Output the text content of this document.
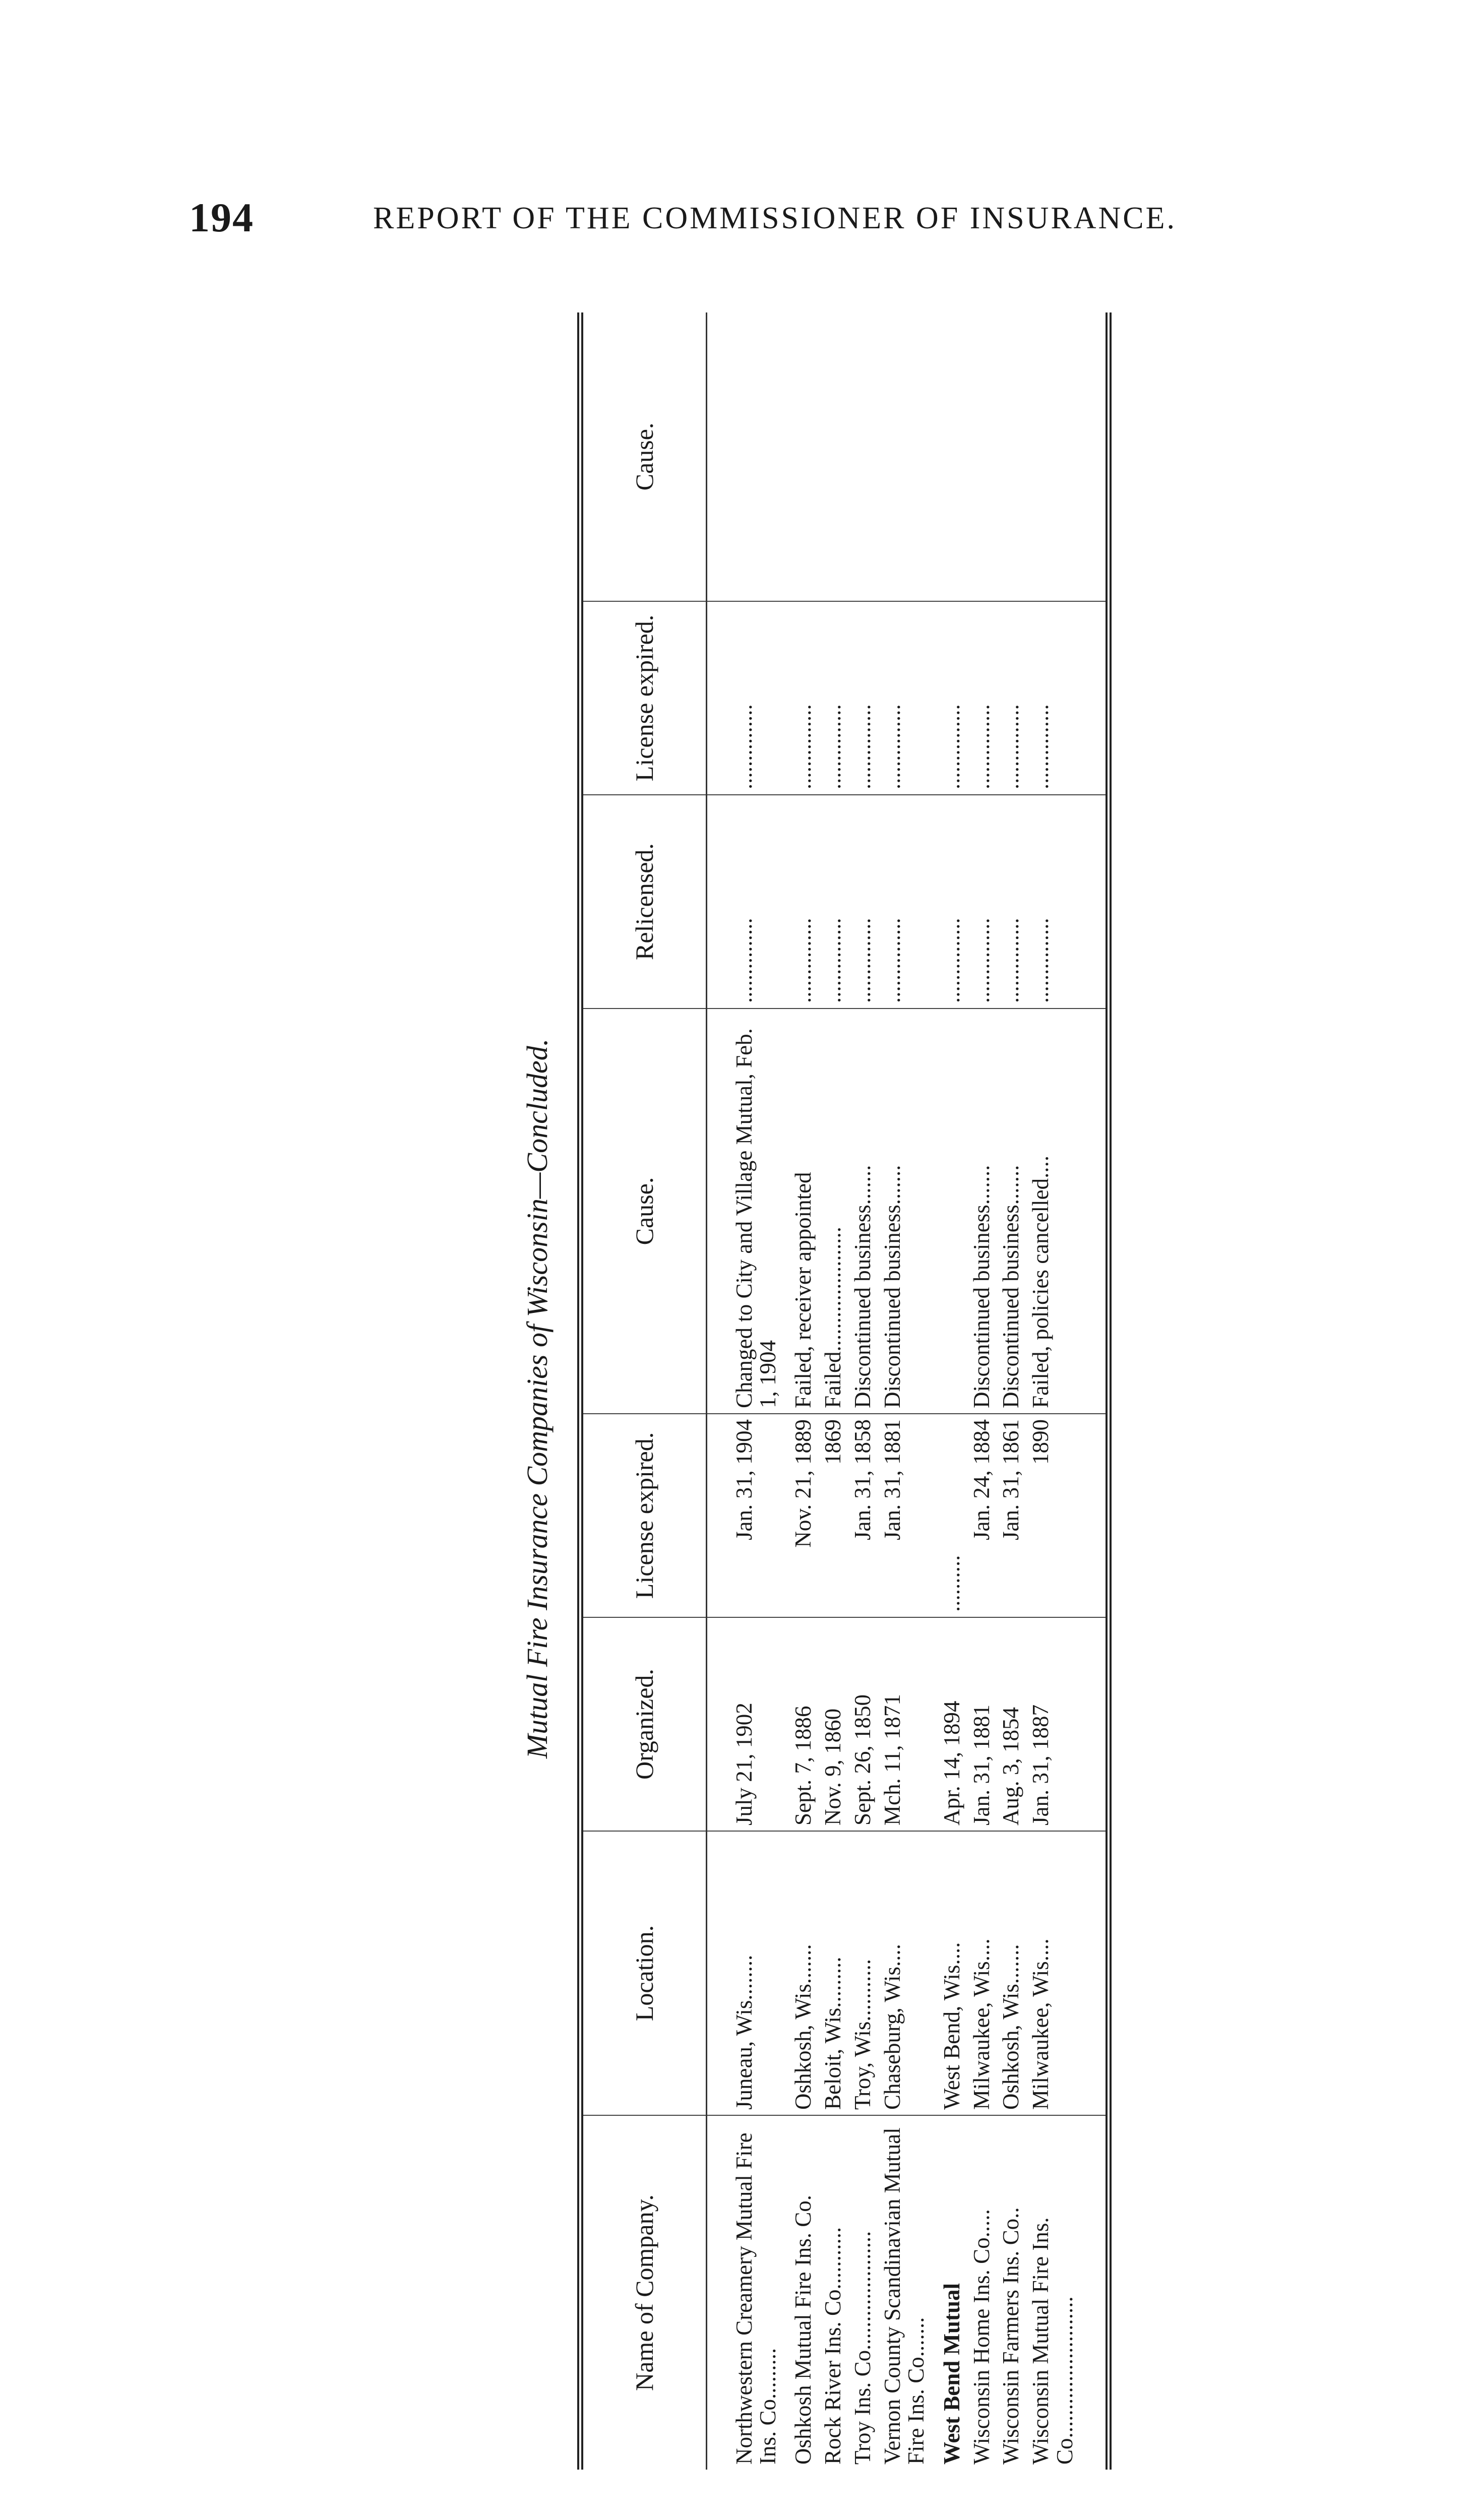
194	REPORT OF THE COMMISSIONER OF INSURANCE.
Mutual Fire Insurance Companies of Wisconsin—Concluded.
Name of Company.	Location.	Organized.	License expired.	Cause.	Relicensed.	License expired.	Cause.

Northwestern Creamery Mutual Fire Ins. Co.........	Juneau, Wis........	July 21, 1902	Jan. 31, 1904	Changed to City and Village Mutual, Feb. 1, 1904	...............	...............	
Oshkosh Mutual Fire Ins. Co.	Oshkosh, Wis.......	Sept. 7, 1886	Nov. 21, 1889	Failed, receiver appointed	...............	...............	
Rock River Ins. Co...........	Beloit, Wis.........	Nov. 9, 1860	1869	Failed......................	...............	...............	
Troy Ins. Co.....................	Troy, Wis...........	Sept. 26, 1850	Jan. 31, 1858	Discontinued business.......	...............	...............	
Vernon County Scandinavian Mutual Fire Ins. Co.......	Chaseburg, Wis....	Mch. 11, 1871	Jan. 31, 1881	Discontinued business.......	...............	...............	
West Bend Mutual	West Bend, Wis....	Apr. 14, 1894	..........		...............	...............	
Wisconsin Home Ins. Co.....	Milwaukee, Wis....	Jan. 31, 1881	Jan. 24, 1884	Discontinued business.......	...............	...............	
Wisconsin Farmers Ins. Co..	Oshkosh, Wis.......	Aug. 3, 1854	Jan. 31, 1861	Discontinued business.......	...............	...............	
Wisconsin Mutual Fire Ins. Co.........................	Milwaukee, Wis....	Jan. 31, 1887	1890	Failed, policies cancelled....	...............	...............	
